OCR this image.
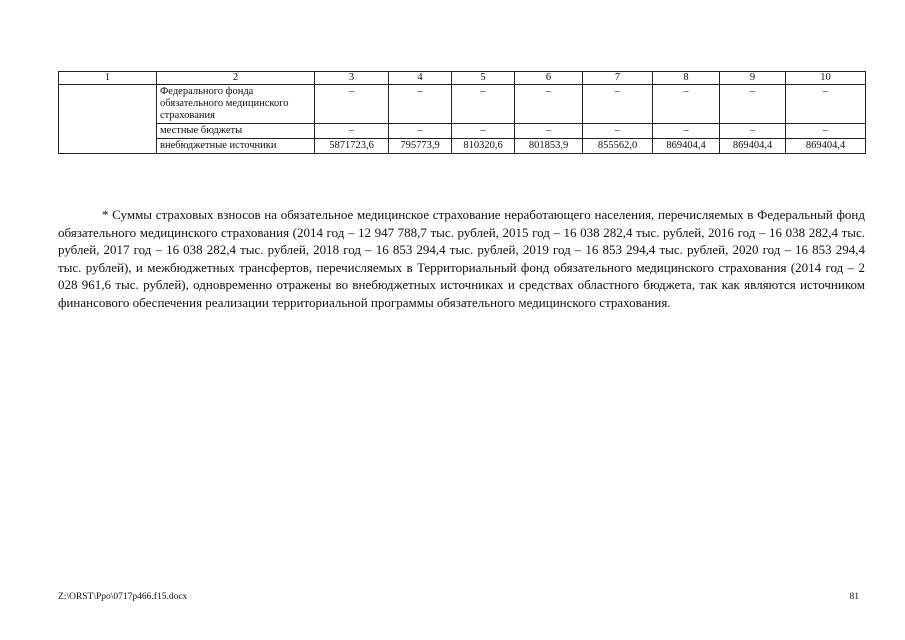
1	2	3	4	5	6	7	8	9	10
	Федерального фонда обязательного медицинского страхования	–	–	–	–	–	–	–	–
	местные бюджеты	–	–	–	–	–	–	–	–
	внебюджетные источники	5871723,6	795773,9	810320,6	801853,9	855562,0	869404,4	869404,4	869404,4

* Суммы страховых взносов на обязательное медицинское страхование неработающего населения, перечисляемых в Федеральный фонд обязательного медицинского страхования (2014 год – 12 947 788,7 тыс. рублей, 2015 год – 16 038 282,4 тыс. рублей, 2016 год – 16 038 282,4 тыс. рублей, 2017 год – 16 038 282,4 тыс. рублей, 2018 год – 16 853 294,4 тыс. рублей, 2019 год – 16 853 294,4 тыс. рублей, 2020 год – 16 853 294,4 тыс. рублей), и межбюджетных трансфертов, перечисляемых в Территориальный фонд обязательного медицинского страхования (2014 год – 2 028 961,6 тыс. рублей), одновременно отражены во внебюджетных источниках и средствах областного бюджета, так как являются источником финансового обеспечения реализации территориальной программы обязательного медицинского страхования.

Z:\ORST\Ppo\0717p466.f15.docx	81
